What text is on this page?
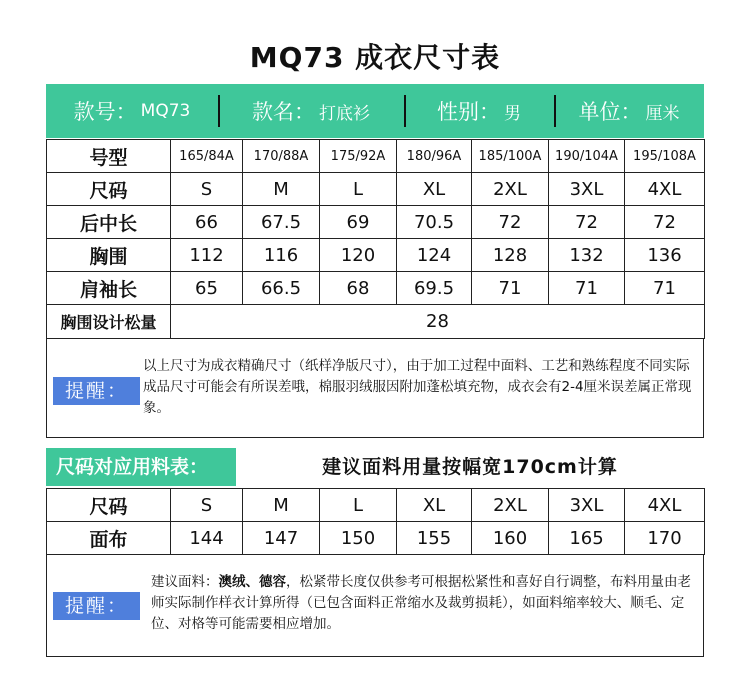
MQ73 成衣尺寸表
款号： MQ73	款名： 打底衫	性别： 男	单位： 厘米
号型	165/84A	170/88A	175/92A	180/96A	185/100A	190/104A	195/108A
尺码	S	M	L	XL	2XL	3XL	4XL
后中长	66	67.5	69	70.5	72	72	72
胸围	112	116	120	124	128	132	136
肩袖长	65	66.5	68	69.5	71	71	71
胸围设计松量	28						
提醒：
以上尺寸为成衣精确尺寸（纸样净版尺寸），由于加工过程中面料、工艺和熟练程度不同实际成品尺寸可能会有所误差哦，棉服羽绒服因附加蓬松填充物，成衣会有2-4厘米误差属正常现象。
尺码对应用料表：	建议面料用量按幅宽170cm计算
尺码	S	M	L	XL	2XL	3XL	4XL
面布	144	147	150	155	160	165	170
提醒：
建议面料：澳绒、德容，松紧带长度仅供参考可根据松紧性和喜好自行调整，布料用量由老师实际制作样衣计算所得（已包含面料正常缩水及裁剪损耗），如面料缩率较大、顺毛、定位、对格等可能需要相应增加。
